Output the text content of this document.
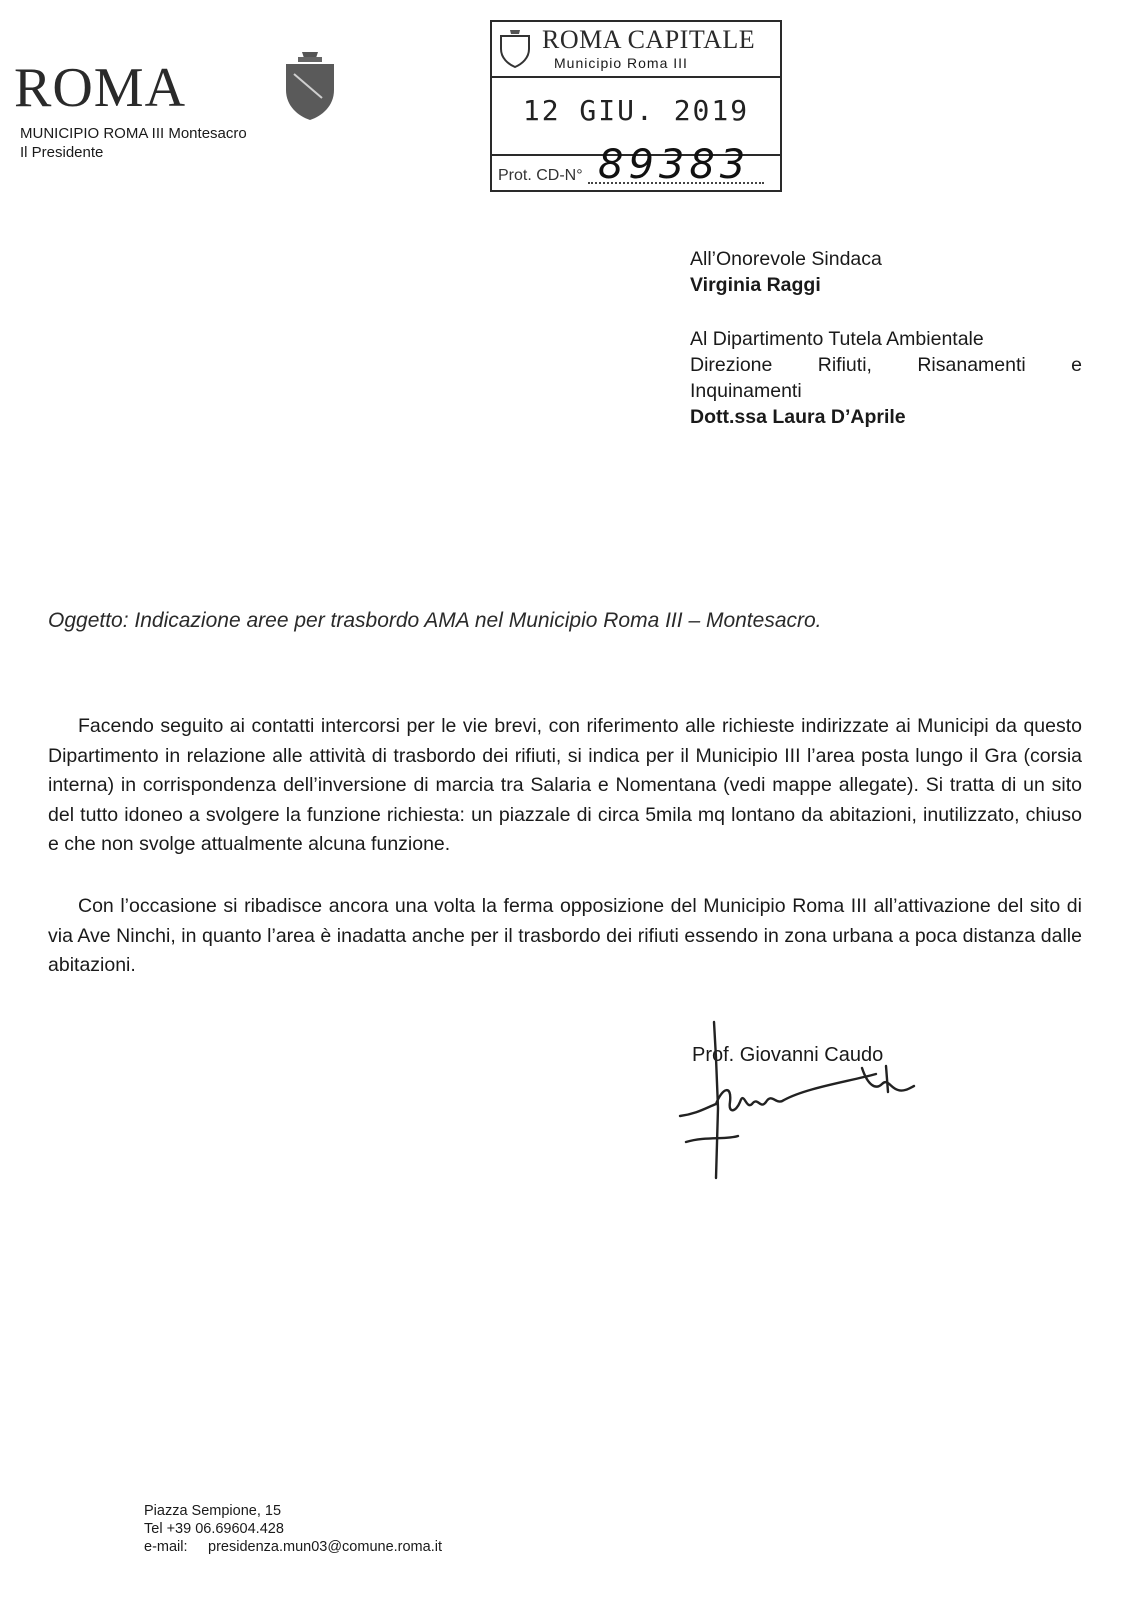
ROMA
MUNICIPIO ROMA III Montesacro
Il Presidente
ROMA CAPITALE
Municipio Roma III
12 GIU. 2019
Prot. CD-N° 89383
All’Onorevole Sindaca
Virginia Raggi
Al Dipartimento Tutela Ambientale
Direzione Rifiuti, Risanamenti e
Inquinamenti
Dott.ssa Laura D’Aprile
Oggetto: Indicazione aree per trasbordo AMA nel Municipio Roma III – Montesacro.

Facendo seguito ai contatti intercorsi per le vie brevi, con riferimento alle richieste indirizzate ai Municipi da questo Dipartimento in relazione alle attività di trasbordo dei rifiuti, si indica per il Municipio III l’area posta lungo il Gra (corsia interna) in corrispondenza dell’inversione di marcia tra Salaria e Nomentana (vedi mappe allegate). Si tratta di un sito del tutto idoneo a svolgere la funzione richiesta: un piazzale di circa 5mila mq lontano da abitazioni, inutilizzato, chiuso e che non svolge attualmente alcuna funzione.

Con l’occasione si ribadisce ancora una volta la ferma opposizione del Municipio Roma III all’attivazione del sito di via Ave Ninchi, in quanto l’area è inadatta anche per il trasbordo dei rifiuti essendo in zona urbana a poca distanza dalle abitazioni.

Prof. Giovanni Caudo
Piazza Sempione, 15
Tel +39 06.69604.428
e-mail: presidenza.mun03@comune.roma.it
